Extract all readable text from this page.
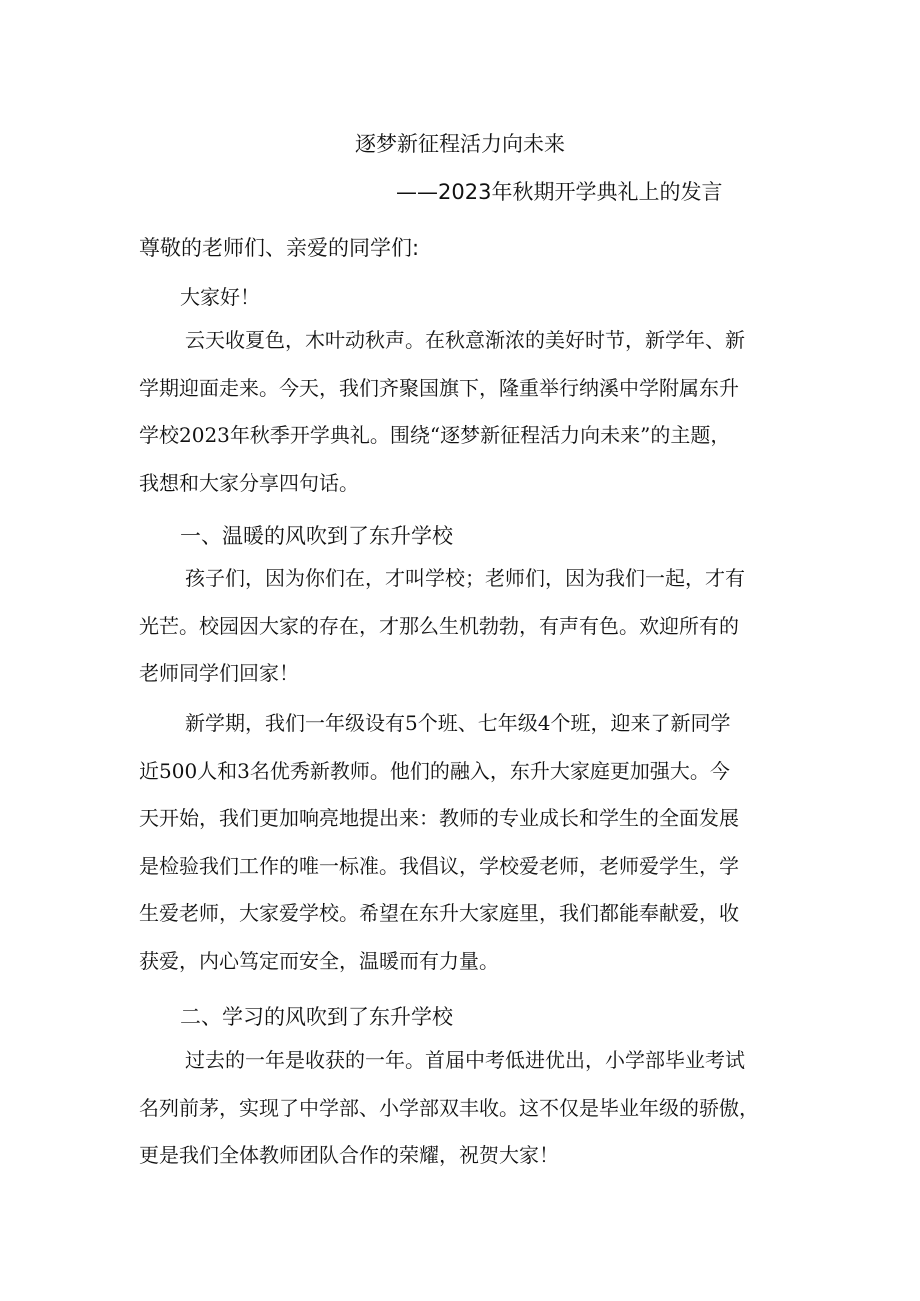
逐梦新征程活力向未来

——2023年秋期开学典礼上的发言

尊敬的老师们、亲爱的同学们:

大家好！

云天收夏色，木叶动秋声。在秋意渐浓的美好时节，新学年、新
学期迎面走来。今天，我们齐聚国旗下，隆重举行纳溪中学附属东升
学校2023年秋季开学典礼。围绕“逐梦新征程活力向未来”的主题，
我想和大家分享四句话。

一、温暖的风吹到了东升学校

孩子们，因为你们在，才叫学校；老师们，因为我们一起，才有
光芒。校园因大家的存在，才那么生机勃勃，有声有色。欢迎所有的
老师同学们回家！
新学期，我们一年级设有5个班、七年级4个班，迎来了新同学
近500人和3名优秀新教师。他们的融入，东升大家庭更加强大。今
天开始，我们更加响亮地提出来：教师的专业成长和学生的全面发展
是检验我们工作的唯一标准。我倡议，学校爱老师，老师爱学生，学
生爱老师，大家爱学校。希望在东升大家庭里，我们都能奉献爱，收
获爱，内心笃定而安全，温暖而有力量。

二、学习的风吹到了东升学校

过去的一年是收获的一年。首届中考低进优出，小学部毕业考试
名列前茅，实现了中学部、小学部双丰收。这不仅是毕业年级的骄傲，
更是我们全体教师团队合作的荣耀，祝贺大家！
